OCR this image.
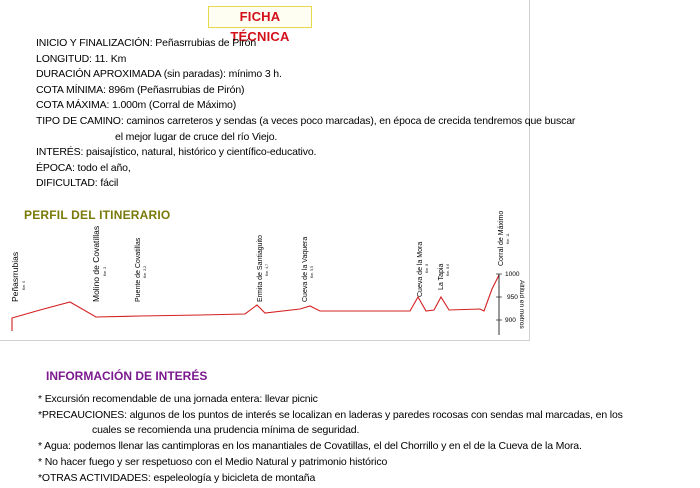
FICHA TÉCNICA
INICIO Y FINALIZACIÓN: Peñasrrubias de Pirón
LONGITUD: 11. Km
DURACIÓN APROXIMADA (sin paradas): mínimo 3 h.
COTA MÍNIMA: 896m (Peñasrrubias de Pirón)
COTA MÁXIMA: 1.000m (Corral de Máximo)
TIPO DE CAMINO: caminos carreteros y sendas (a veces poco marcadas), en época de crecida tendremos que buscar
el mejor lugar de cruce del río Viejo.
INTERÉS: paisajístico, natural, histórico y científico-educativo.
ÉPOCA: todo el año,
DIFICULTAD: fácil
Peñasrrubias Km. 0	Molino de Covatillas Km. 2	Puente de Covatillas Km. 2,2	Ermita de Santiaguito Km. 4,7	Cueva de la Vaquera Km. 5,5	Cueva de la Mora Km. 8 La Tapia Km. 8,6
Corral de Máximo Km. 11
1000
950
900 Altitud en metros
PERFIL DEL ITINERARIO
INFORMACIÓN DE INTERÉS
* Excursión recomendable de una jornada entera: llevar picnic
*PRECAUCIONES: algunos de los puntos de interés se localizan en laderas y paredes rocosas con sendas mal marcadas, en los
cuales se recomienda una prudencia mínima de seguridad.
* Agua: podemos llenar las cantimploras en los manantiales de Covatillas, el del Chorrillo y en el de la Cueva de la Mora.
* No hacer fuego y ser respetuoso con el Medio Natural y patrimonio histórico
*OTRAS ACTIVIDADES: espeleología y bicicleta de montaña
